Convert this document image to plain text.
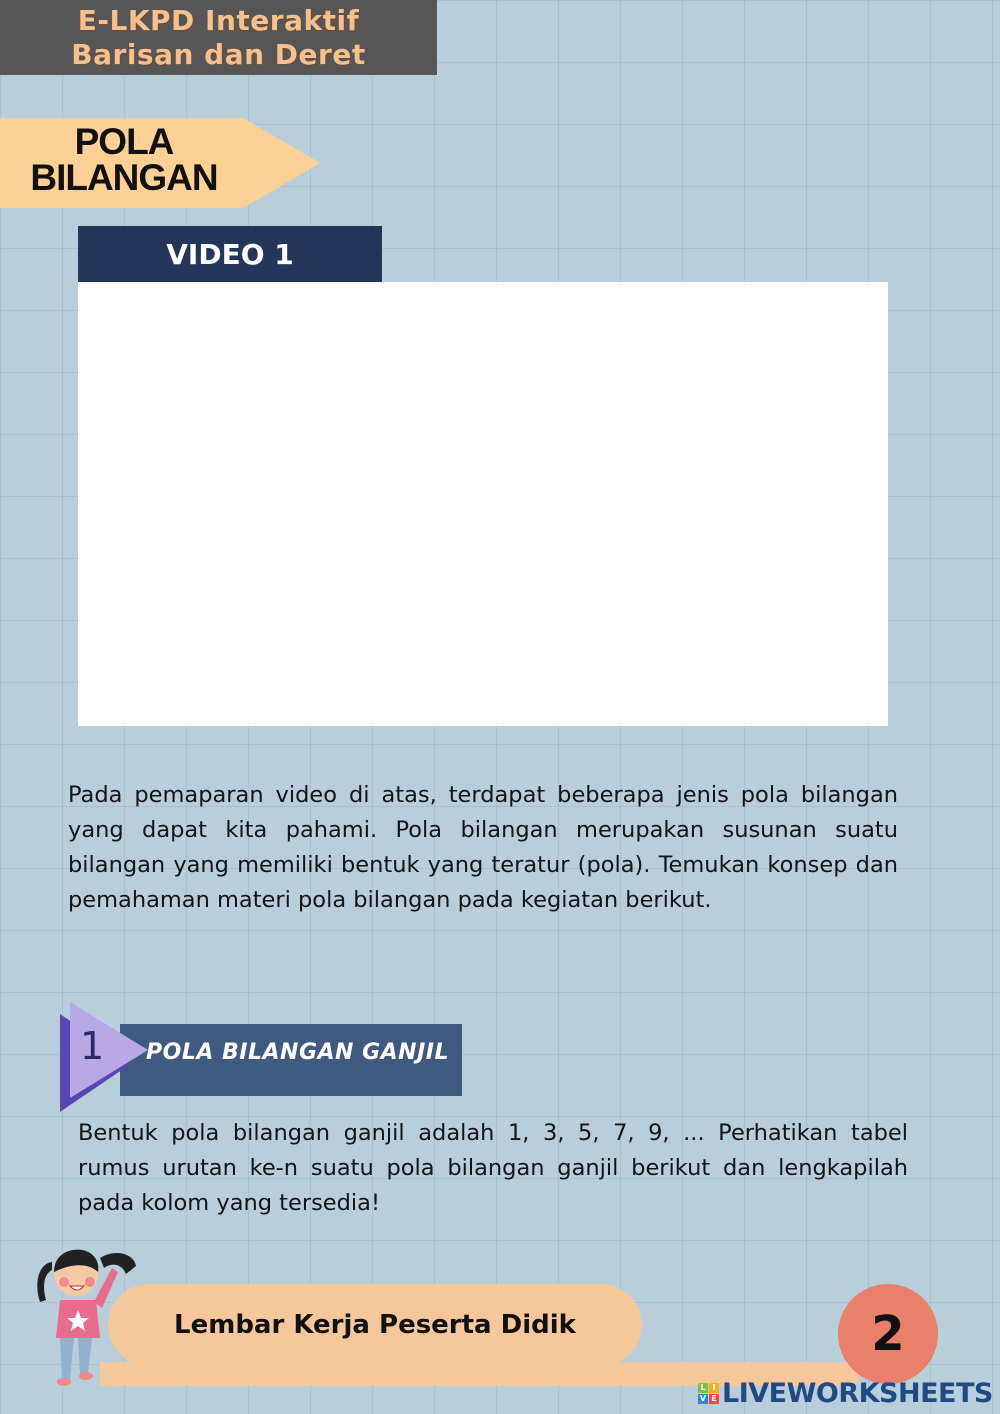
E-LKPD Interaktif
Barisan dan Deret
POLA
BILANGAN
VIDEO 1

Pada pemaparan video di atas, terdapat beberapa jenis pola bilangan yang dapat kita pahami. Pola bilangan merupakan susunan suatu bilangan yang memiliki bentuk yang teratur (pola). Temukan konsep dan pemahaman materi pola bilangan pada kegiatan berikut.

1 POLA BILANGAN GANJIL

Bentuk pola bilangan ganjil adalah 1, 3, 5, 7, 9, ... Perhatikan tabel rumus urutan ke-n suatu pola bilangan ganjil berikut dan lengkapilah pada kolom yang tersedia!

Lembar Kerja Peserta Didik	2
L I
V E LIVEWORKSHEETS
